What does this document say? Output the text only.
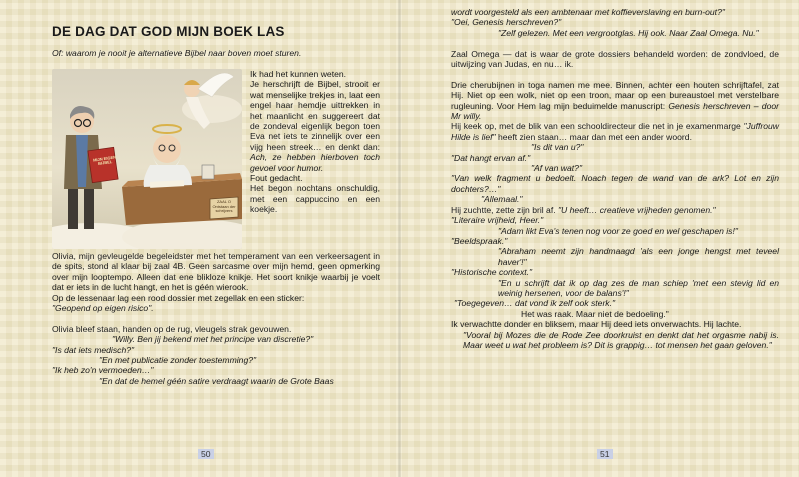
DE DAG DAT GOD MIJN BOEK LAS

Of: waarom je nooit je alternatieve Bijbel naar boven moet sturen.

MIJN EIGEN BIJBEL
ZAAL O Ontstaan der schrijvers

Ik had het kunnen weten.

Je herschrijft de Bijbel, strooit er wat menselijke trekjes in, laat een engel haar hemdje uittrekken in het maanlicht en suggereert dat de zondeval eigenlijk begon toen Eva net iets te zinnelijk over een vijg heen streek… en denkt dan: Ach, ze hebben hierboven toch gevoel voor humor.

Fout gedacht.

Het begon nochtans onschuldig, met een cappuccino en een koekje.

Olivia, mijn gevleugelde begeleidster met het temperament van een verkeersagent in de spits, stond al klaar bij zaal 4B. Geen sarcasme over mijn hemd, geen opmerking over mijn looptempo. Alleen dat ene blikloze knikje. Het soort knikje waarbij je voelt dat er iets in de lucht hangt, en het is géén wierook.

Op de lessenaar lag een rood dossier met zegellak en een sticker:

"Geopend op eigen risico".

Olivia bleef staan, handen op de rug, vleugels strak gevouwen.

"Willy. Ben jij bekend met het principe van discretie?"

"Is dat iets medisch?"

"En met publicatie zonder toestemming?"

"Ik heb zo'n vermoeden…"

"En dat de hemel géén satire verdraagt waarin de Grote Baas

50

wordt voorgesteld als een ambtenaar met koffieverslaving en burn-out?"

"Oei, Genesis herschreven?"

"Zelf gelezen. Met een vergrootglas. Hij ook. Naar Zaal Omega. Nu."

Zaal Omega — dat is waar de grote dossiers behandeld worden: de zondvloed, de uitwijzing van Judas, en nu… ik.

Drie cherubijnen in toga namen me mee. Binnen, achter een houten schrijftafel, zat Hij. Niet op een wolk, niet op een troon, maar op een bureaustoel met versteIbare rugleuning. Voor Hem lag mijn beduimelde manuscript: Genesis herschreven – door Mr willy.

Hij keek op, met de blik van een schooldirecteur die net in je examenmarge "Juffrouw Hilde is lief" heeft zien staan… maar dan met een ander woord.

"Is dit van u?"

"Dat hangt ervan af."

"Af van wat?"

"Van welk fragment u bedoelt. Noach tegen de wand van de ark? Lot en zijn dochters?…"

"Allemaal."

Hij zuchtte, zette zijn bril af. "U heeft… creatieve vrijheden genomen."

"Literaire vrijheid, Heer."

"Adam likt Eva's tenen nog voor ze goed en wel geschapen is!"

"Beeldspraak."

"Abraham neemt zijn handmaagd 'als een jonge hengst met teveel haver'!"

"Historische context."

"En u schrijft dat ik op dag zes de man schiep 'met een stevig lid en weinig hersenen, voor de balans'!"

"Toegegeven… dat vond ik zelf ook sterk."

Het was raak. Maar niet de bedoeling."

Ik verwachtte donder en bliksem, maar Hij deed iets onverwachts. Hij lachte.

"Vooral bij Mozes die de Rode Zee doorkruist en denkt dat het orgasme nabij is. Maar weet u wat het probleem is? Dit is grappig… tot mensen het gaan geloven."

51
